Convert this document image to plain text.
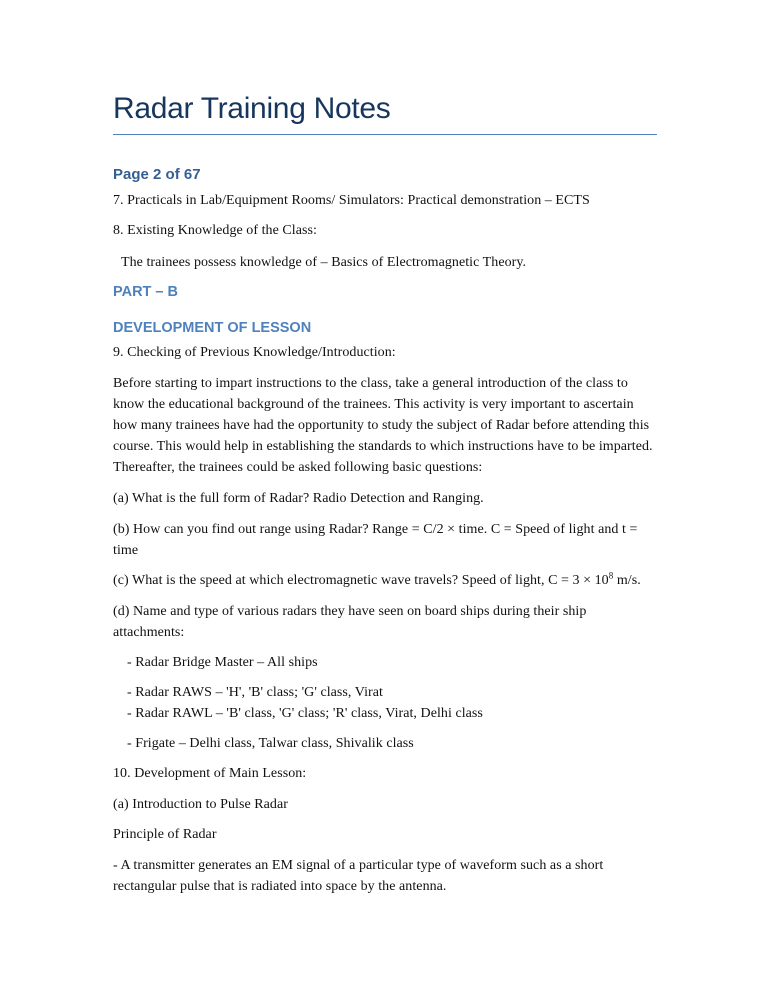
Radar Training Notes
Page 2 of 67
7. Practicals in Lab/Equipment Rooms/ Simulators: Practical demonstration – ECTS
8. Existing Knowledge of the Class:
The trainees possess knowledge of – Basics of Electromagnetic Theory.
PART – B
DEVELOPMENT OF LESSON
9. Checking of Previous Knowledge/Introduction:
Before starting to impart instructions to the class, take a general introduction of the class to know the educational background of the trainees. This activity is very important to ascertain how many trainees have had the opportunity to study the subject of Radar before attending this course. This would help in establishing the standards to which instructions have to be imparted. Thereafter, the trainees could be asked following basic questions:
(a) What is the full form of Radar? Radio Detection and Ranging.
(b) How can you find out range using Radar? Range = C/2 × time. C = Speed of light and t = time
(c) What is the speed at which electromagnetic wave travels? Speed of light, $C = 3 \times 10^8$ m/s.
(d) Name and type of various radars they have seen on board ships during their ship attachments:
- Radar Bridge Master – All ships
- Radar RAWS – 'H', 'B' class; 'G' class, Virat
- Radar RAWL – 'B' class, 'G' class; 'R' class, Virat, Delhi class
- Frigate – Delhi class, Talwar class, Shivalik class
10. Development of Main Lesson:
(a) Introduction to Pulse Radar
Principle of Radar
- A transmitter generates an EM signal of a particular type of waveform such as a short rectangular pulse that is radiated into space by the antenna.
